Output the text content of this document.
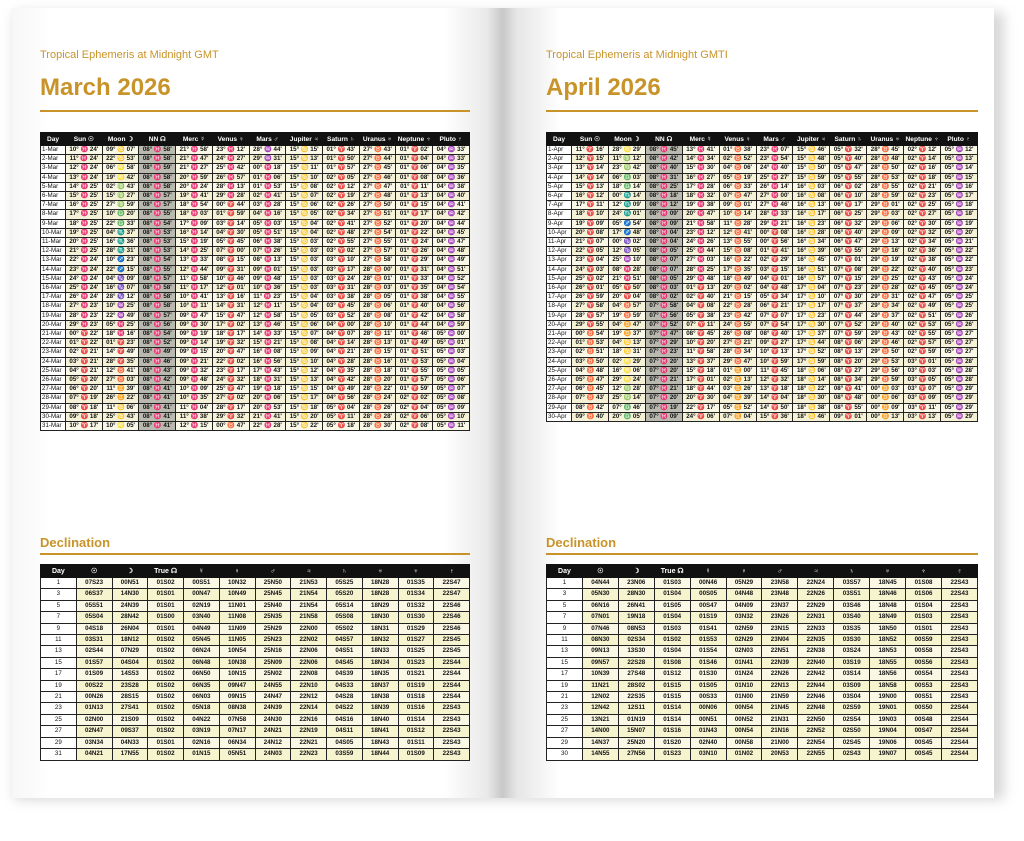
Tropical Ephemeris at Midnight GMT
March 2026
Day	Sun ☉	Moon ☽	NN ☊	Merc ☿	Venus ♀	Mars ♂	Jupiter ♃	Saturn ♄	Uranus ♅	Neptune ♆	Pluto ♇
1-Mar	10° ♓ 24'	09° ♋ 07'	08° ♓ 58'	21° ♓ 58'	23° ♓ 12'	28° ♒ 44'	15° ♋ 15'	01° ♈ 43'	27° ♉ 43'	01° ♈ 02'	04° ♒ 33'
2-Mar	11° ♓ 24'	22° ♋ 53'	08° ♓ 58'	21° ♓ 47'	24° ♓ 27'	29° ♒ 31'	15° ♋ 13'	01° ♈ 50'	27° ♉ 44'	01° ♈ 04'	04° ♒ 33'
3-Mar	12° ♓ 24'	06° ♌ 58'	08° ♓ 59'	21° ♓ 27'	25° ♓ 42'	00° ♓ 18'	15° ♋ 11'	01° ♈ 57'	27° ♉ 45'	01° ♈ 06'	04° ♒ 35'
4-Mar	13° ♓ 24'	19° ♌ 42'	08° ♓ 58'	20° ♓ 59'	26° ♓ 57'	01° ♓ 06'	15° ♋ 10'	02° ♈ 05'	27° ♉ 46'	01° ♈ 08'	04° ♒ 36'
5-Mar	14° ♓ 25'	02° ♍ 43'	08° ♓ 58'	20° ♓ 24'	28° ♓ 13'	01° ♓ 53'	15° ♋ 08'	02° ♈ 12'	27° ♉ 47'	01° ♈ 11'	04° ♒ 38'
6-Mar	15° ♓ 25'	15° ♍ 27'	08° ♓ 57'	19° ♓ 41'	29° ♓ 28'	02° ♓ 41'	15° ♋ 07'	02° ♈ 19'	27° ♉ 48'	01° ♈ 13'	04° ♒ 40'
7-Mar	16° ♓ 25'	27° ♍ 59'	08° ♓ 57'	18° ♓ 54'	00° ♈ 44'	03° ♓ 28'	15° ♋ 06'	02° ♈ 26'	27° ♉ 50'	01° ♈ 15'	04° ♒ 41'
8-Mar	17° ♓ 25'	10° ♎ 20'	08° ♓ 55'	18° ♓ 03'	01° ♈ 59'	04° ♓ 16'	15° ♋ 05'	02° ♈ 34'	27° ♉ 51'	01° ♈ 17'	04° ♒ 42'
9-Mar	18° ♓ 25'	22° ♎ 33'	08° ♓ 54'	17° ♓ 09'	03° ♈ 14'	05° ♓ 03'	15° ♋ 04'	02° ♈ 41'	27° ♉ 52'	01° ♈ 20'	04° ♒ 44'
10-Mar	19° ♓ 25'	04° ♏ 37'	08° ♓ 53'	16° ♓ 14'	04° ♈ 30'	05° ♓ 51'	15° ♋ 04'	02° ♈ 48'	27° ♉ 54'	01° ♈ 22'	04° ♒ 45'
11-Mar	20° ♓ 25'	16° ♏ 36'	08° ♓ 53'	15° ♓ 19'	05° ♈ 45'	06° ♓ 38'	15° ♋ 03'	02° ♈ 55'	27° ♉ 55'	01° ♈ 24'	04° ♒ 47'
12-Mar	21° ♓ 25'	28° ♏ 31'	08° ♓ 53'	14° ♓ 25'	07° ♈ 00'	07° ♓ 26'	15° ♋ 03'	03° ♈ 02'	27° ♉ 57'	01° ♈ 26'	04° ♒ 48'
13-Mar	22° ♓ 24'	10° ♐ 23'	08° ♓ 54'	13° ♓ 33'	08° ♈ 15'	08° ♓ 13'	15° ♋ 03'	03° ♈ 10'	27° ♉ 58'	01° ♈ 29'	04° ♒ 49'
14-Mar	23° ♓ 24'	22° ♐ 15'	08° ♓ 55'	12° ♓ 44'	09° ♈ 31'	09° ♓ 01'	15° ♋ 03'	03° ♈ 17'	28° ♉ 00'	01° ♈ 31'	04° ♒ 51'
15-Mar	24° ♓ 24'	04° ♑ 09'	08° ♓ 57'	11° ♓ 58'	10° ♈ 46'	09° ♓ 48'	15° ♋ 03'	03° ♈ 24'	28° ♉ 01'	01° ♈ 33'	04° ♒ 52'
16-Mar	25° ♓ 24'	16° ♑ 07'	08° ♓ 58'	11° ♓ 17'	12° ♈ 01'	10° ♓ 36'	15° ♋ 03'	03° ♈ 31'	28° ♉ 03'	01° ♈ 35'	04° ♒ 54'
17-Mar	26° ♓ 24'	28° ♑ 12'	08° ♓ 58'	10° ♓ 41'	13° ♈ 16'	11° ♓ 23'	15° ♋ 04'	03° ♈ 38'	28° ♉ 05'	01° ♈ 38'	04° ♒ 55'
18-Mar	27° ♓ 23'	10° ♒ 25'	08° ♓ 58'	10° ♓ 11'	14° ♈ 31'	12° ♓ 11'	15° ♋ 04'	03° ♈ 45'	28° ♉ 06'	01° ♈ 40'	04° ♒ 56'
19-Mar	28° ♓ 23'	22° ♒ 49'	08° ♓ 57'	09° ♓ 47'	15° ♈ 47'	12° ♓ 58'	15° ♋ 05'	03° ♈ 52'	28° ♉ 08'	01° ♈ 42'	04° ♒ 58'
20-Mar	29° ♓ 23'	05° ♓ 25'	08° ♓ 56'	09° ♓ 30'	17° ♈ 02'	13° ♓ 46'	15° ♋ 06'	04° ♈ 00'	28° ♉ 10'	01° ♈ 44'	04° ♒ 59'
21-Mar	00° ♈ 22'	18° ♓ 16'	08° ♓ 54'	09° ♓ 19'	18° ♈ 17'	14° ♓ 33'	15° ♋ 07'	04° ♈ 07'	28° ♉ 11'	01° ♈ 46'	05° ♒ 00'
22-Mar	01° ♈ 22'	01° ♈ 23'	08° ♓ 52'	09° ♓ 14'	19° ♈ 32'	15° ♓ 21'	15° ♋ 08'	04° ♈ 14'	28° ♉ 13'	01° ♈ 49'	05° ♒ 01'
23-Mar	02° ♈ 21'	14° ♈ 49'	08° ♓ 49'	09° ♓ 15'	20° ♈ 47'	16° ♓ 08'	15° ♋ 09'	04° ♈ 21'	28° ♉ 15'	01° ♈ 51'	05° ♒ 03'
24-Mar	03° ♈ 21'	28° ♈ 35'	08° ♓ 46'	09° ♓ 21'	22° ♈ 02'	16° ♓ 56'	15° ♋ 10'	04° ♈ 28'	28° ♉ 16'	01° ♈ 53'	05° ♒ 04'
25-Mar	04° ♈ 21'	12° ♉ 41'	08° ♓ 43'	09° ♓ 32'	23° ♈ 17'	17° ♓ 43'	15° ♋ 12'	04° ♈ 35'	28° ♉ 18'	01° ♈ 55'	05° ♒ 05'
26-Mar	05° ♈ 20'	27° ♉ 03'	08° ♓ 42'	09° ♓ 48'	24° ♈ 32'	18° ♓ 31'	15° ♋ 13'	04° ♈ 42'	28° ♉ 20'	01° ♈ 57'	05° ♒ 06'
27-Mar	06° ♈ 20'	11° ♊ 39'	08° ♓ 41'	10° ♓ 09'	25° ♈ 47'	19° ♓ 18'	15° ♋ 15'	04° ♈ 49'	28° ♉ 22'	01° ♈ 59'	05° ♒ 07'
28-Mar	07° ♈ 19'	26° ♊ 22'	08° ♓ 41'	10° ♓ 35'	27° ♈ 02'	20° ♓ 06'	15° ♋ 17'	04° ♈ 56'	28° ♉ 24'	02° ♈ 02'	05° ♒ 08'
29-Mar	08° ♈ 18'	11° ♋ 06'	08° ♓ 41'	11° ♓ 04'	28° ♈ 17'	20° ♓ 53'	15° ♋ 18'	05° ♈ 04'	28° ♉ 26'	02° ♈ 04'	05° ♒ 09'
30-Mar	09° ♈ 18'	25° ♋ 43'	08° ♓ 41'	11° ♓ 38'	29° ♈ 32'	21° ♓ 41'	15° ♋ 20'	05° ♈ 11'	28° ♉ 28'	02° ♈ 06'	05° ♒ 10'
31-Mar	10° ♈ 17'	10° ♌ 05'	08° ♓ 41'	12° ♓ 15'	00° ♉ 47'	22° ♓ 28'	15° ♋ 22'	05° ♈ 18'	28° ♉ 30'	02° ♈ 08'	05° ♒ 11'
Declination
Day	☉	☽	True ☊	☿	♀	♂	♃	♄	♅	♆	♇
1	07S23	00N51	01S02	00S51	10N32	25N50	21N53	05S25	18N28	01S35	22S47
3	06S37	14N30	01S01	00N47	10N49	25N45	21N54	05S20	18N28	01S34	22S47
5	05S51	24N39	01S01	02N19	11N01	25N40	21N54	05S14	18N29	01S32	22S46
7	05S04	28N42	01S00	03N40	11N08	25N35	21N58	05S08	18N30	01S30	22S46
9	04S18	26N04	01S01	04N49	11N09	25N29	22N00	05S02	18N31	01S29	22S46
11	03S31	18N12	01S02	05N45	11N05	25N23	22N02	04S57	18N32	01S27	22S45
13	02S44	07N29	01S02	06N24	10N54	25N16	22N06	04S51	18N33	01S25	22S45
15	01S57	04S04	01S02	06N48	10N38	25N09	22N06	04S45	18N34	01S23	22S44
17	01S09	14S53	01S02	06N50	10N15	25N02	22N08	04S39	18N35	01S21	22S44
19	00S22	23S28	01S02	06N35	09N47	24N55	22N10	04S33	18N37	01S19	22S44
21	00N26	28S15	01S02	06N03	09N15	24N47	22N12	04S28	18N38	01S18	22S44
23	01N13	27S41	01S02	05N18	08N38	24N39	22N14	04S22	18N39	01S16	22S43
25	02N00	21S09	01S02	04N22	07N58	24N30	22N16	04S16	18N40	01S14	22S43
27	02N47	09S37	01S02	03N19	07N17	24N21	22N19	04S11	18N41	01S12	22S43
29	03N34	04N33	01S01	02N16	06N34	24N12	22N21	04S05	18N43	01S11	22S43
31	04N21	17N55	01S02	01N15	05N51	24N03	22N23	03S59	18N44	01S09	22S43
Tropical Ephemeris at Midnight GMTI
April 2026
Day	Sun ☉	Moon ☽	NN ☊	Merc ☿	Venus ♀	Mars ♂	Jupiter ♃	Saturn ♄	Uranus ♅	Neptune ♆	Pluto ♇
1-Apr	11° ♈ 16'	28° ♌ 29'	08° ♓ 45'	13° ♓ 41'	01° ♉ 38'	23° ♓ 07'	15° ♋ 46'	05° ♈ 32'	28° ♉ 45'	02° ♈ 12'	05° ♒ 12'
2-Apr	12° ♈ 15'	11° ♍ 12'	08° ♓ 42'	14° ♓ 34'	02° ♉ 52'	23° ♓ 54'	15° ♋ 48'	05° ♈ 40'	28° ♉ 48'	02° ♈ 14'	05° ♒ 13'
3-Apr	13° ♈ 14'	23° ♍ 42'	08° ♓ 40'	15° ♓ 30'	04° ♉ 06'	24° ♓ 40'	15° ♋ 50'	05° ♈ 47'	28° ♉ 50'	02° ♈ 16'	05° ♒ 14'
4-Apr	14° ♈ 14'	06° ♎ 03'	08° ♓ 31'	16° ♓ 27'	05° ♉ 19'	25° ♓ 27'	15° ♋ 59'	05° ♈ 55'	28° ♉ 53'	02° ♈ 18'	05° ♒ 15'
5-Apr	15° ♈ 13'	18° ♎ 14'	08° ♓ 25'	17° ♓ 28'	06° ♉ 33'	26° ♓ 14'	16° ♋ 03'	06° ♈ 02'	28° ♉ 55'	02° ♈ 21'	05° ♒ 16'
6-Apr	16° ♈ 12'	00° ♏ 14'	08° ♓ 18'	18° ♓ 32'	07° ♉ 47'	27° ♓ 00'	16° ♋ 08'	06° ♈ 10'	28° ♉ 59'	02° ♈ 23'	05° ♒ 17'
7-Apr	17° ♈ 11'	12° ♏ 09'	08° ♓ 12'	19° ♓ 38'	09° ♉ 01'	27° ♓ 46'	16° ♋ 13'	06° ♈ 17'	29° ♉ 01'	02° ♈ 25'	05° ♒ 18'
8-Apr	18° ♈ 10'	24° ♏ 01'	08° ♓ 09'	20° ♓ 47'	10° ♉ 14'	28° ♓ 33'	16° ♋ 17'	06° ♈ 25'	29° ♉ 03'	02° ♈ 27'	05° ♒ 18'
9-Apr	19° ♈ 09'	05° ♐ 54'	08° ♓ 09'	21° ♓ 58'	11° ♉ 28'	29° ♓ 21'	16° ♋ 23'	06° ♈ 32'	29° ♉ 06'	02° ♈ 30'	05° ♒ 19'
10-Apr	20° ♈ 08'	17° ♐ 48'	08° ♓ 04'	23° ♓ 12'	12° ♉ 41'	00° ♈ 08'	16° ♋ 28'	06° ♈ 40'	29° ♉ 09'	02° ♈ 32'	05° ♒ 20'
11-Apr	21° ♈ 07'	00° ♑ 02'	08° ♓ 04'	24° ♓ 26'	13° ♉ 55'	00° ♈ 56'	16° ♋ 34'	06° ♈ 47'	29° ♉ 13'	02° ♈ 34'	05° ♒ 21'
12-Apr	22° ♈ 05'	12° ♑ 05'	08° ♓ 05'	25° ♓ 44'	15° ♉ 08'	01° ♈ 41'	16° ♋ 39'	06° ♈ 55'	29° ♉ 16'	02° ♈ 36'	05° ♒ 22'
13-Apr	23° ♈ 04'	25° ♒ 10'	08° ♓ 07'	27° ♓ 03'	16° ♉ 22'	02° ♈ 29'	16° ♋ 45'	07° ♈ 01'	29° ♉ 19'	02° ♈ 38'	05° ♒ 22'
14-Apr	24° ♈ 03'	08° ♓ 28'	08° ♓ 07'	28° ♓ 25'	17° ♉ 35'	03° ♈ 15'	16° ♋ 51'	07° ♈ 08'	29° ♉ 22'	02° ♈ 40'	05° ♒ 23'
15-Apr	25° ♈ 02'	21° ♓ 51'	08° ♓ 05'	29° ♓ 48'	18° ♉ 49'	04° ♈ 01'	16° ♋ 57'	07° ♈ 15'	29° ♉ 25'	02° ♈ 43'	05° ♒ 24'
16-Apr	26° ♈ 01'	05° ♈ 50'	08° ♓ 03'	01° ♈ 13'	20° ♉ 02'	04° ♈ 48'	17° ♋ 04'	07° ♈ 23'	29° ♉ 28'	02° ♈ 45'	05° ♒ 24'
17-Apr	26° ♈ 59'	20° ♈ 04'	08° ♓ 02'	02° ♈ 40'	21° ♉ 15'	05° ♈ 34'	17° ♋ 10'	07° ♈ 30'	29° ♉ 31'	02° ♈ 47'	05° ♒ 25'
18-Apr	27° ♈ 58'	04° ♉ 57'	07° ♓ 58'	04° ♈ 08'	22° ♉ 28'	06° ♈ 21'	17° ♋ 17'	07° ♈ 37'	29° ♉ 34'	02° ♈ 49'	05° ♒ 25'
19-Apr	28° ♈ 57'	19° ♉ 59'	07° ♓ 56'	05° ♈ 38'	23° ♉ 42'	07° ♈ 07'	17° ♋ 23'	07° ♈ 44'	29° ♉ 37'	02° ♈ 51'	05° ♒ 26'
20-Apr	29° ♈ 55'	04° ♊ 47'	07° ♓ 52'	07° ♈ 11'	24° ♉ 55'	07° ♈ 54'	17° ♋ 30'	07° ♈ 52'	29° ♉ 40'	02° ♈ 53'	05° ♒ 26'
21-Apr	00° ♉ 54'	19° ♊ 37'	07° ♓ 47'	08° ♈ 45'	26° ♉ 08'	08° ♈ 40'	17° ♋ 37'	07° ♈ 59'	29° ♉ 43'	02° ♈ 55'	05° ♒ 27'
22-Apr	01° ♉ 53'	04° ♋ 13'	07° ♓ 29'	10° ♈ 20'	27° ♉ 21'	09° ♈ 27'	17° ♋ 44'	08° ♈ 06'	29° ♉ 46'	02° ♈ 57'	05° ♒ 27'
23-Apr	02° ♉ 51'	18° ♋ 31'	07° ♓ 23'	11° ♈ 58'	28° ♉ 34'	10° ♈ 13'	17° ♋ 52'	08° ♈ 13'	29° ♉ 50'	02° ♈ 59'	05° ♒ 27'
24-Apr	03° ♉ 50'	02° ♌ 29'	07° ♓ 20'	13° ♈ 37'	29° ♉ 47'	10° ♈ 59'	17° ♋ 59'	08° ♈ 20'	29° ♉ 53'	03° ♈ 01'	05° ♒ 28'
25-Apr	04° ♉ 48'	16° ♌ 06'	07° ♓ 20'	15° ♈ 18'	01° ♊ 00'	11° ♈ 45'	18° ♋ 06'	08° ♈ 27'	29° ♉ 56'	03° ♈ 03'	05° ♒ 28'
26-Apr	05° ♉ 47'	29° ♌ 24'	07° ♓ 21'	17° ♈ 01'	02° ♊ 13'	12° ♈ 32'	18° ♋ 14'	08° ♈ 34'	29° ♉ 59'	03° ♈ 05'	05° ♒ 28'
27-Apr	06° ♉ 45'	12° ♍ 28'	07° ♓ 21'	18° ♈ 44'	03° ♊ 26'	13° ♈ 18'	18° ♋ 22'	08° ♈ 41'	00° ♊ 03'	03° ♈ 07'	05° ♒ 29'
28-Apr	07° ♉ 43'	25° ♍ 14'	07° ♓ 20'	20° ♈ 30'	04° ♊ 39'	14° ♈ 04'	18° ♋ 30'	08° ♈ 48'	00° ♊ 06'	03° ♈ 09'	05° ♒ 29'
29-Apr	08° ♉ 42'	07° ♎ 46'	07° ♓ 19'	22° ♈ 17'	05° ♊ 52'	14° ♈ 50'	18° ♋ 38'	08° ♈ 55'	00° ♊ 09'	03° ♈ 11'	05° ♒ 29'
30-Apr	09° ♉ 40'	20° ♎ 05'	07° ♓ 09'	24° ♈ 06'	07° ♊ 04'	15° ♈ 36'	18° ♋ 46'	09° ♈ 01'	00° ♊ 13'	03° ♈ 13'	05° ♒ 29'
Declination
Day	☉	☽	True ☊	☿	♀	♂	♃	♄	♅	♆	♇
1	04N44	23N06	01S03	00N46	05N29	23N58	22N24	03S57	18N45	01S08	22S43
3	05N30	28N30	01S04	00S05	04N48	23N48	22N26	03S51	18N46	01S06	22S43
5	06N16	26N41	01S05	00S47	04N09	23N37	22N29	03S46	18N48	01S04	22S43
7	07N01	19N18	01S04	01S19	03N32	23N26	22N31	03S40	18N49	01S03	22S43
9	07N46	08N53	01S03	01S41	02N59	23N15	22N33	03S35	18N50	01S01	22S43
11	08N30	02S34	01S02	01S53	02N29	23N04	22N35	03S30	18N52	00S59	22S43
13	09N13	13S30	01S04	01S54	02N03	22N51	22N38	03S24	18N53	00S58	22S43
15	09N57	22S28	01S08	01S46	01N41	22N39	22N40	03S19	18N55	00S56	22S43
17	10N39	27S48	01S12	01S30	01N24	22N26	22N42	03S14	18N56	00S54	22S43
19	11N21	28S02	01S15	01S05	01N10	22N13	22N44	03S09	18N58	00S53	22S43
21	12N02	22S35	01S15	00S33	01N00	21N59	22N46	03S04	19N00	00S51	22S43
23	12N42	12S11	01S14	00N06	00N54	21N45	22N48	02S59	19N01	00S50	22S44
25	13N21	01N19	01S14	00N51	00N52	21N31	22N50	02S54	19N03	00S48	22S44
27	14N00	15N07	01S16	01N43	00N54	21N16	22N52	02S50	19N04	00S47	22S44
29	14N37	25N20	01S20	02N40	00N58	21N00	22N54	02S45	19N06	00S45	22S44
30	14N55	27N56	01S23	03N10	01N02	20N53	22N55	02S43	19N07	00S45	22S44
